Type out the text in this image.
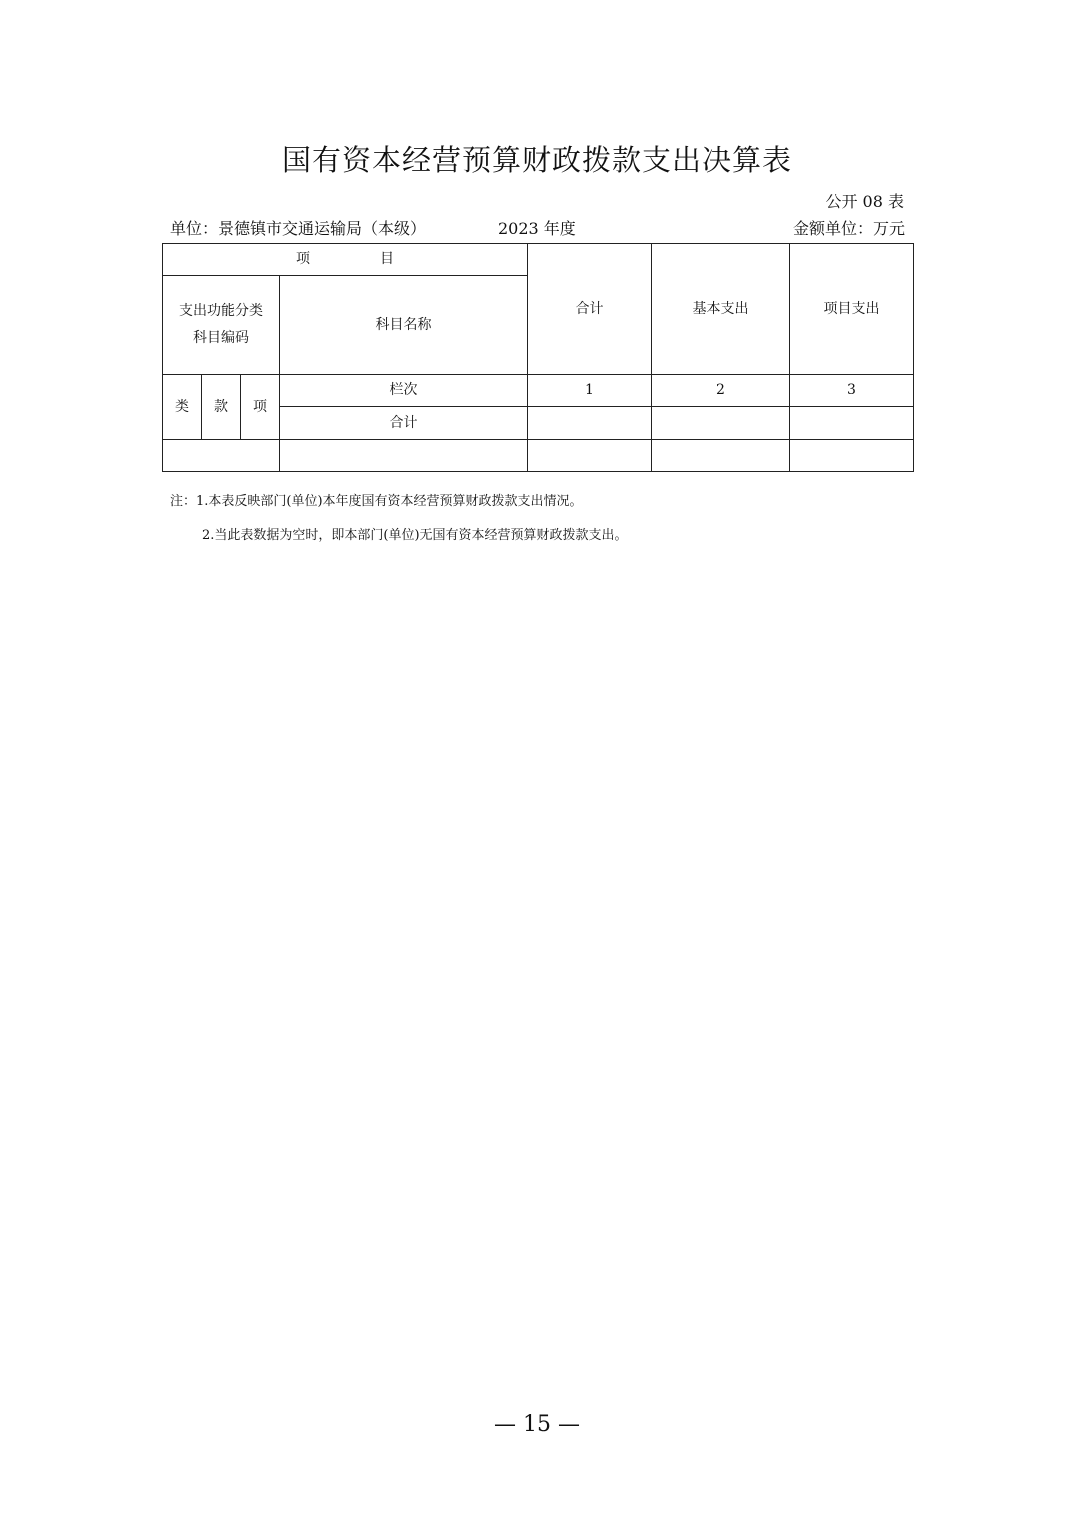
国有资本经营预算财政拨款支出决算表
公开 08 表
单位：景德镇市交通运输局（本级）	2023 年度	金额单位：万元
项　目				合计	基本支出	项目支出

支出功能分类
科目编码			科目名称			
类	款	项	栏次	1	2	3
			合计			

注：1.本表反映部门(单位)本年度国有资本经营预算财政拨款支出情况。
2.当此表数据为空时，即本部门(单位)无国有资本经营预算财政拨款支出。
— 15 —
